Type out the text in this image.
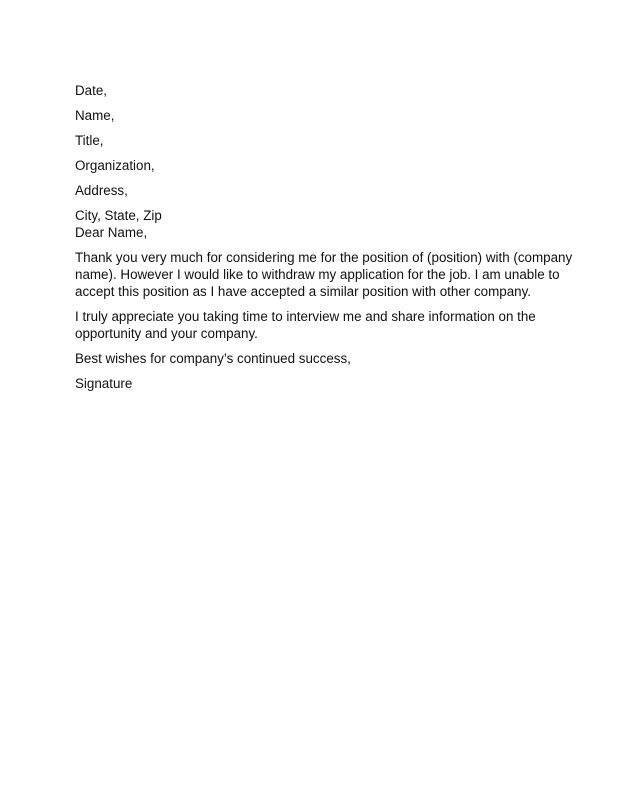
Date,
Name,
Title,
Organization,
Address,
City, State, Zip
Dear Name,

Thank you very much for considering me for the position of (position) with (company name). However I would like to withdraw my application for the job. I am unable to accept this position as I have accepted a similar position with other company.

I truly appreciate you taking time to interview me and share information on the opportunity and your company.

Best wishes for company’s continued success,
Signature
